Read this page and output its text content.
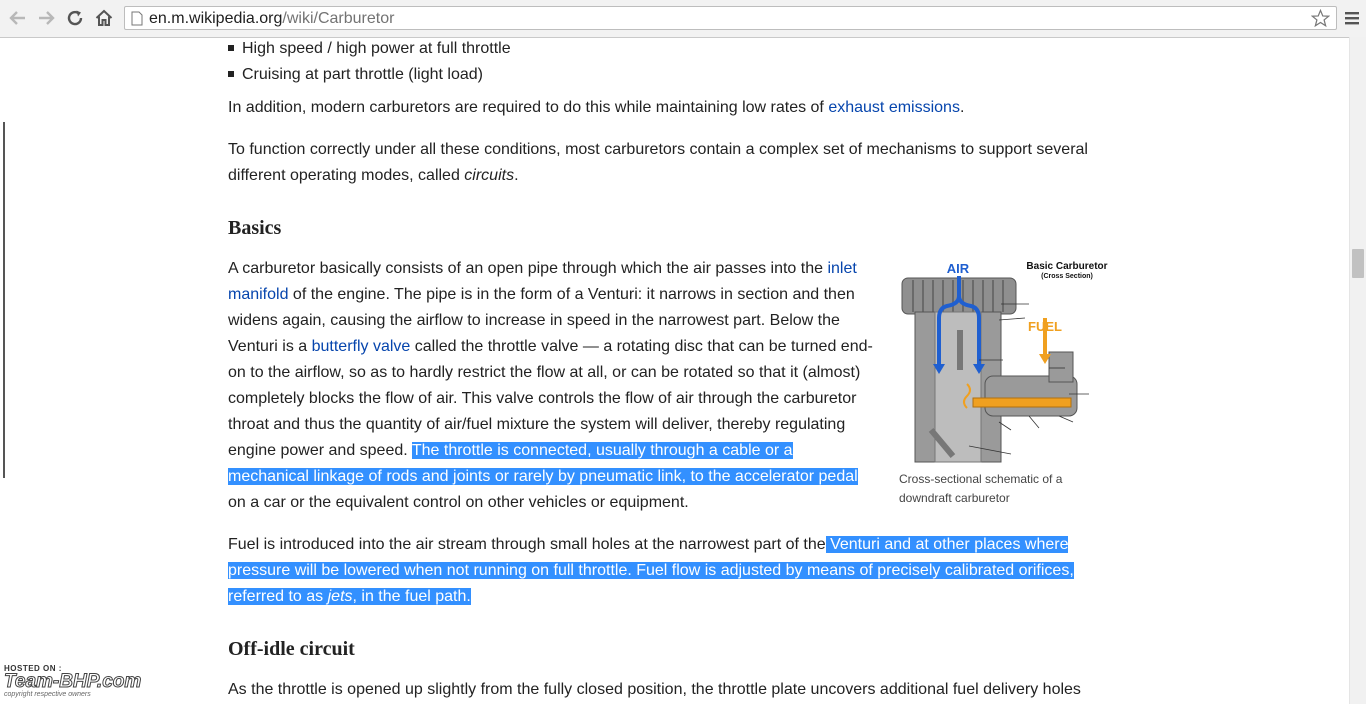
en.m.wikipedia.org/wiki/Carburetor
High speed / high power at full throttle
Cruising at part throttle (light load)

In addition, modern carburetors are required to do this while maintaining low rates of exhaust emissions.

To function correctly under all these conditions, most carburetors contain a complex set of mechanisms to support several different operating modes, called circuits.

Basics

A carburetor basically consists of an open pipe through which the air passes into the inlet

manifold of the engine. The pipe is in the form of a Venturi: it narrows in section and then

widens again, causing the airflow to increase in speed in the narrowest part. Below the

Venturi is a butterfly valve called the throttle valve — a rotating disc that can be turned end-

on to the airflow, so as to hardly restrict the flow at all, or can be rotated so that it (almost)

completely blocks the flow of air. This valve controls the flow of air through the carburetor

throat and thus the quantity of air/fuel mixture the system will deliver, thereby regulating

engine power and speed. The throttle is connected, usually through a cable or a

mechanical linkage of rods and joints or rarely by pneumatic link, to the accelerator pedal

on a car or the equivalent control on other vehicles or equipment.

Fuel is introduced into the air stream through small holes at the narrowest part of the Venturi and at other places where

pressure will be lowered when not running on full throttle. Fuel flow is adjusted by means of precisely calibrated orifices,

referred to as jets, in the fuel path.

Off-idle circuit

As the throttle is opened up slightly from the fully closed position, the throttle plate uncovers additional fuel delivery holes

AIR
FUEL
Basic Carburetor
(Cross Section)
Cross-sectional schematic of a
downdraft carburetor
HOSTED ON :
Team-BHP.com
copyright respective owners
